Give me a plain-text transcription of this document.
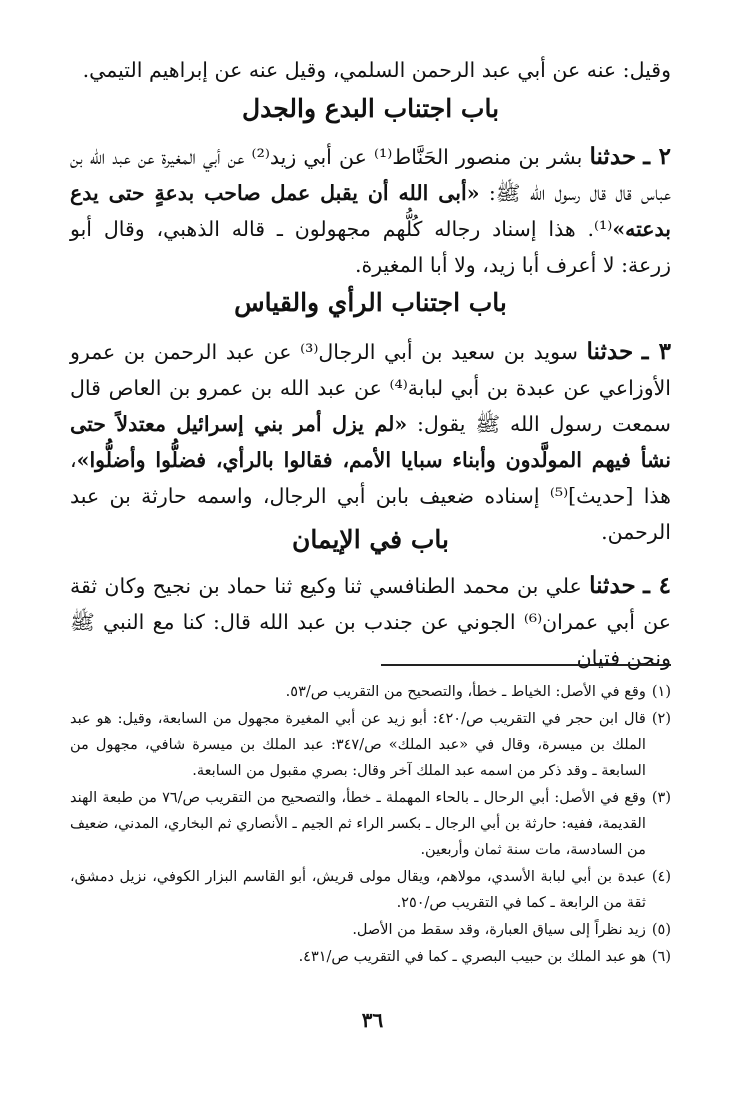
وقيل: عنه عن أبي عبد الرحمن السلمي، وقيل عنه عن إبراهيم التيمي.

باب اجتناب البدع والجدل

٢ ـ حدثنا بشر بن منصور الحَنَّاط⁽¹⁾ عن أبي زيد⁽²⁾ عن أبي المغيرة عن عبد الله بن عباس قال قال رسول الله ﷺ: «أبى الله أن يقبل عمل صاحب بدعةٍ حتى يدع بدعته»⁽¹⁾. هذا إسناد رجاله كُلُّهم مجهولون ـ قاله الذهبي، وقال أبو زرعة: لا أعرف أبا زيد، ولا أبا المغيرة.

باب اجتناب الرأي والقياس

٣ ـ حدثنا سويد بن سعيد بن أبي الرجال⁽³⁾ عن عبد الرحمن بن عمرو الأوزاعي عن عبدة بن أبي لبابة⁽⁴⁾ عن عبد الله بن عمرو بن العاص قال سمعت رسول الله ﷺ يقول: «لم يزل أمر بني إسرائيل معتدلاً حتى نشأ فيهم المولَّدون وأبناء سبايا الأمم، فقالوا بالرأي، فضلُّوا وأضلُّوا»، هذا [حديث]⁽⁵⁾ إسناده ضعيف بابن أبي الرجال، واسمه حارثة بن عبد الرحمن.

باب في الإيمان

٤ ـ حدثنا علي بن محمد الطنافسي ثنا وكيع ثنا حماد بن نجيح وكان ثقة عن أبي عمران⁽⁶⁾ الجوني عن جندب بن عبد الله قال: كنا مع النبي ﷺ ونحن فتيان

(١)
وقع في الأصل: الخياط ـ خطأ، والتصحيح من التقريب ص/٥٣.
(٢)
قال ابن حجر في التقريب ص/٤٢٠: أبو زيد عن أبي المغيرة مجهول من السابعة، وقيل: هو عبد الملك بن ميسرة، وقال في «عبد الملك» ص/٣٤٧: عبد الملك بن ميسرة شافي، مجهول من السابعة ـ وقد ذكر من اسمه عبد الملك آخر وقال: بصري مقبول من السابعة.
(٣)
وقع في الأصل: أبي الرحال ـ بالحاء المهملة ـ خطأ، والتصحيح من التقريب ص/٧٦ من طبعة الهند القديمة، ففيه: حارثة بن أبي الرجال ـ بكسر الراء ثم الجيم ـ الأنصاري ثم البخاري، المدني، ضعيف من السادسة، مات سنة ثمان وأربعين.
(٤)
عبدة بن أبي لبابة الأسدي، مولاهم، ويقال مولى قريش، أبو القاسم البزار الكوفي، نزيل دمشق، ثقة من الرابعة ـ كما في التقريب ص/٢٥٠.
(٥)
زيد نظراً إلى سياق العبارة، وقد سقط من الأصل.
(٦)
هو عبد الملك بن حبيب البصري ـ كما في التقريب ص/٤٣١.
٣٦
